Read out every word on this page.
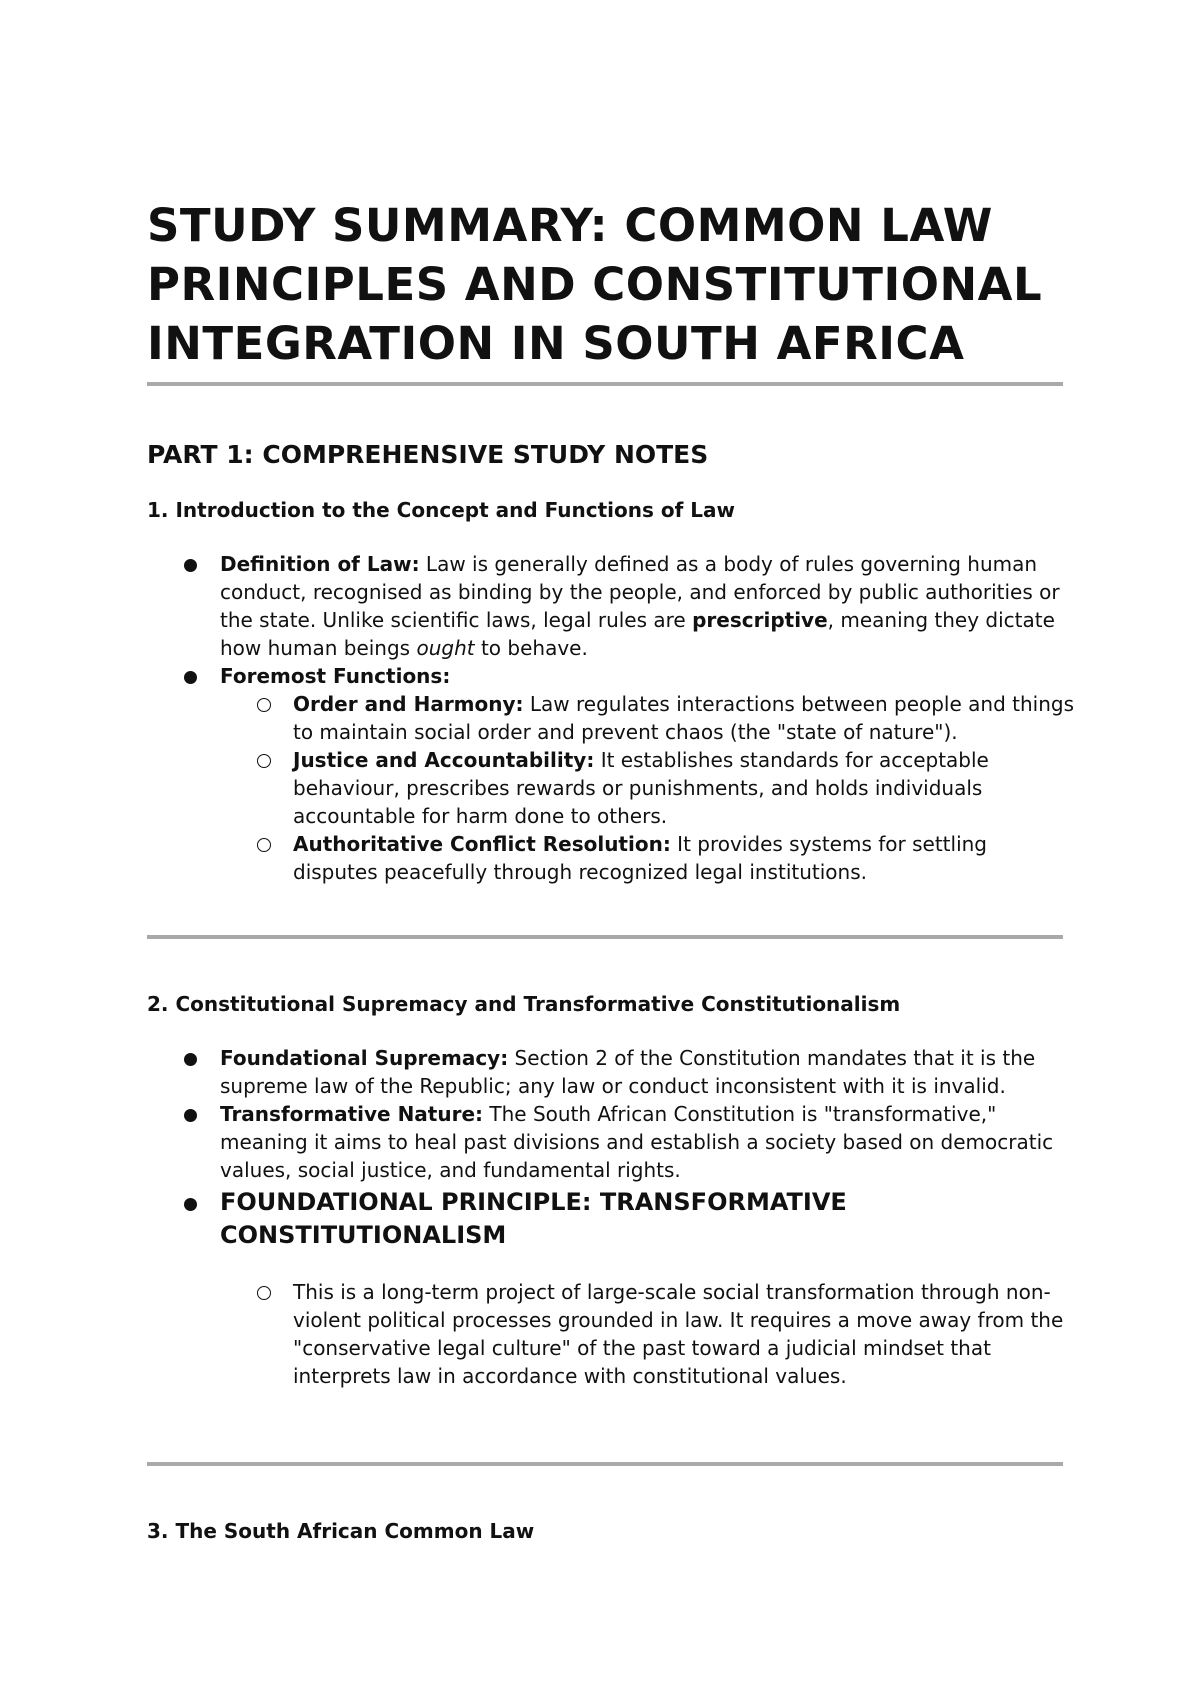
STUDY SUMMARY: COMMON LAW PRINCIPLES AND CONSTITUTIONAL INTEGRATION IN SOUTH AFRICA
PART 1: COMPREHENSIVE STUDY NOTES
1. Introduction to the Concept and Functions of Law
Definition of Law: Law is generally defined as a body of rules governing human conduct, recognised as binding by the people, and enforced by public authorities or the state. Unlike scientific laws, legal rules are prescriptive, meaning they dictate how human beings ought to behave.
Foremost Functions:
Order and Harmony: Law regulates interactions between people and things to maintain social order and prevent chaos (the "state of nature").
Justice and Accountability: It establishes standards for acceptable behaviour, prescribes rewards or punishments, and holds individuals accountable for harm done to others.
Authoritative Conflict Resolution: It provides systems for settling disputes peacefully through recognized legal institutions.
2. Constitutional Supremacy and Transformative Constitutionalism
Foundational Supremacy: Section 2 of the Constitution mandates that it is the supreme law of the Republic; any law or conduct inconsistent with it is invalid.
Transformative Nature: The South African Constitution is "transformative," meaning it aims to heal past divisions and establish a society based on democratic values, social justice, and fundamental rights.
FOUNDATIONAL PRINCIPLE: TRANSFORMATIVE CONSTITUTIONALISM
This is a long-term project of large-scale social transformation through non-violent political processes grounded in law. It requires a move away from the "conservative legal culture" of the past toward a judicial mindset that interprets law in accordance with constitutional values.
3. The South African Common Law
